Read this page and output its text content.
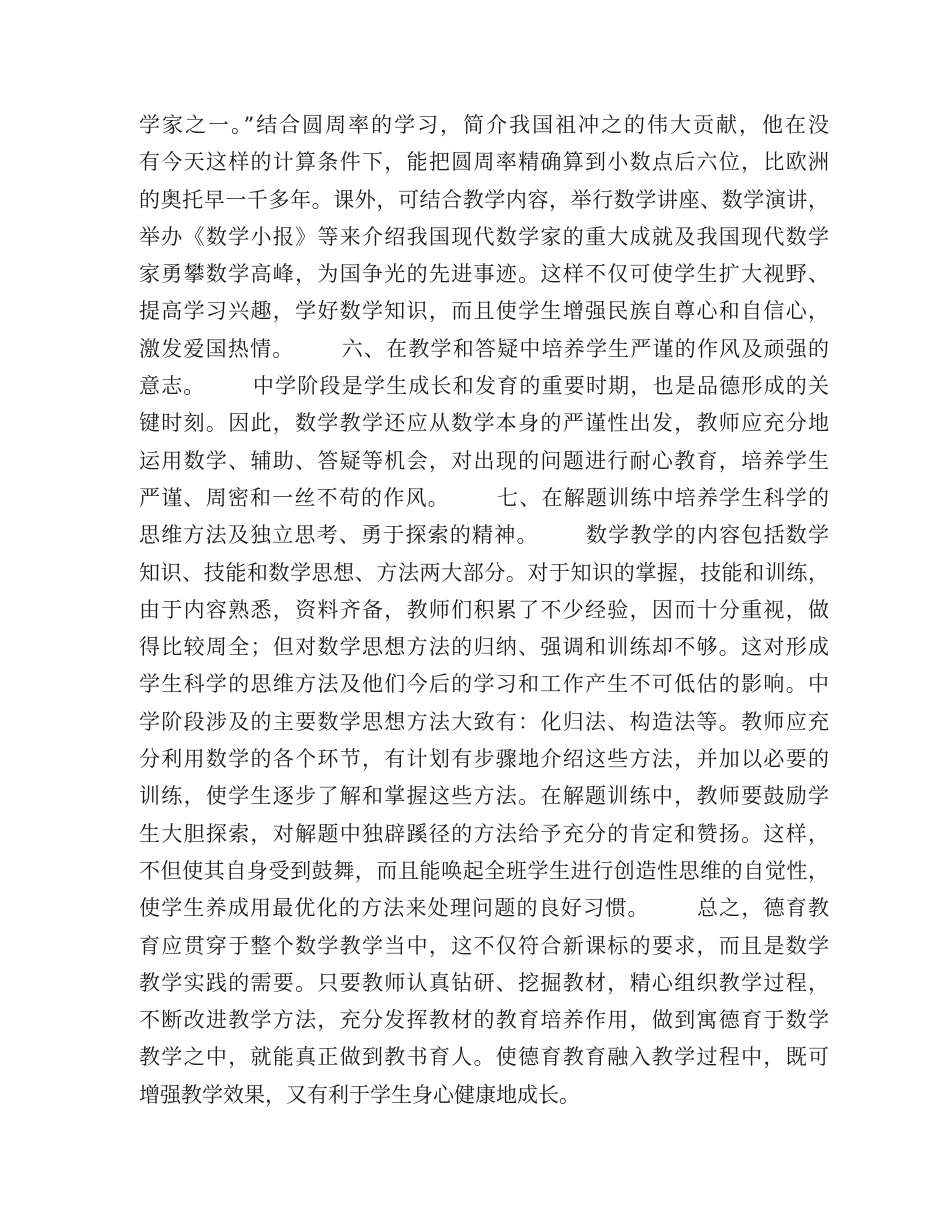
学家之一。”结合圆周率的学习，简介我国祖冲之的伟大贡献，他在没
有今天这样的计算条件下，能把圆周率精确算到小数点后六位，比欧洲
的奥托早一千多年。课外，可结合教学内容，举行数学讲座、数学演讲，
举办《数学小报》等来介绍我国现代数学家的重大成就及我国现代数学
家勇攀数学高峰，为国争光的先进事迹。这样不仅可使学生扩大视野、
提高学习兴趣，学好数学知识，而且使学生增强民族自尊心和自信心，
激发爱国热情。      六、在教学和答疑中培养学生严谨的作风及顽强的
意志。      中学阶段是学生成长和发育的重要时期，也是品德形成的关
键时刻。因此，数学教学还应从数学本身的严谨性出发，教师应充分地
运用数学、辅助、答疑等机会，对出现的问题进行耐心教育，培养学生
严谨、周密和一丝不苟的作风。      七、在解题训练中培养学生科学的
思维方法及独立思考、勇于探索的精神。      数学教学的内容包括数学
知识、技能和数学思想、方法两大部分。对于知识的掌握，技能和训练，
由于内容熟悉，资料齐备，教师们积累了不少经验，因而十分重视，做
得比较周全；但对数学思想方法的归纳、强调和训练却不够。这对形成
学生科学的思维方法及他们今后的学习和工作产生不可低估的影响。中
学阶段涉及的主要数学思想方法大致有：化归法、构造法等。教师应充
分利用数学的各个环节，有计划有步骤地介绍这些方法，并加以必要的
训练，使学生逐步了解和掌握这些方法。在解题训练中，教师要鼓励学
生大胆探索，对解题中独辟蹊径的方法给予充分的肯定和赞扬。这样，
不但使其自身受到鼓舞，而且能唤起全班学生进行创造性思维的自觉性，
使学生养成用最优化的方法来处理问题的良好习惯。      总之，德育教
育应贯穿于整个数学教学当中，这不仅符合新课标的要求，而且是数学
教学实践的需要。只要教师认真钻研、挖掘教材，精心组织教学过程，
不断改进教学方法，充分发挥教材的教育培养作用，做到寓德育于数学
教学之中，就能真正做到教书育人。使德育教育融入教学过程中，既可
增强教学效果，又有利于学生身心健康地成长。
